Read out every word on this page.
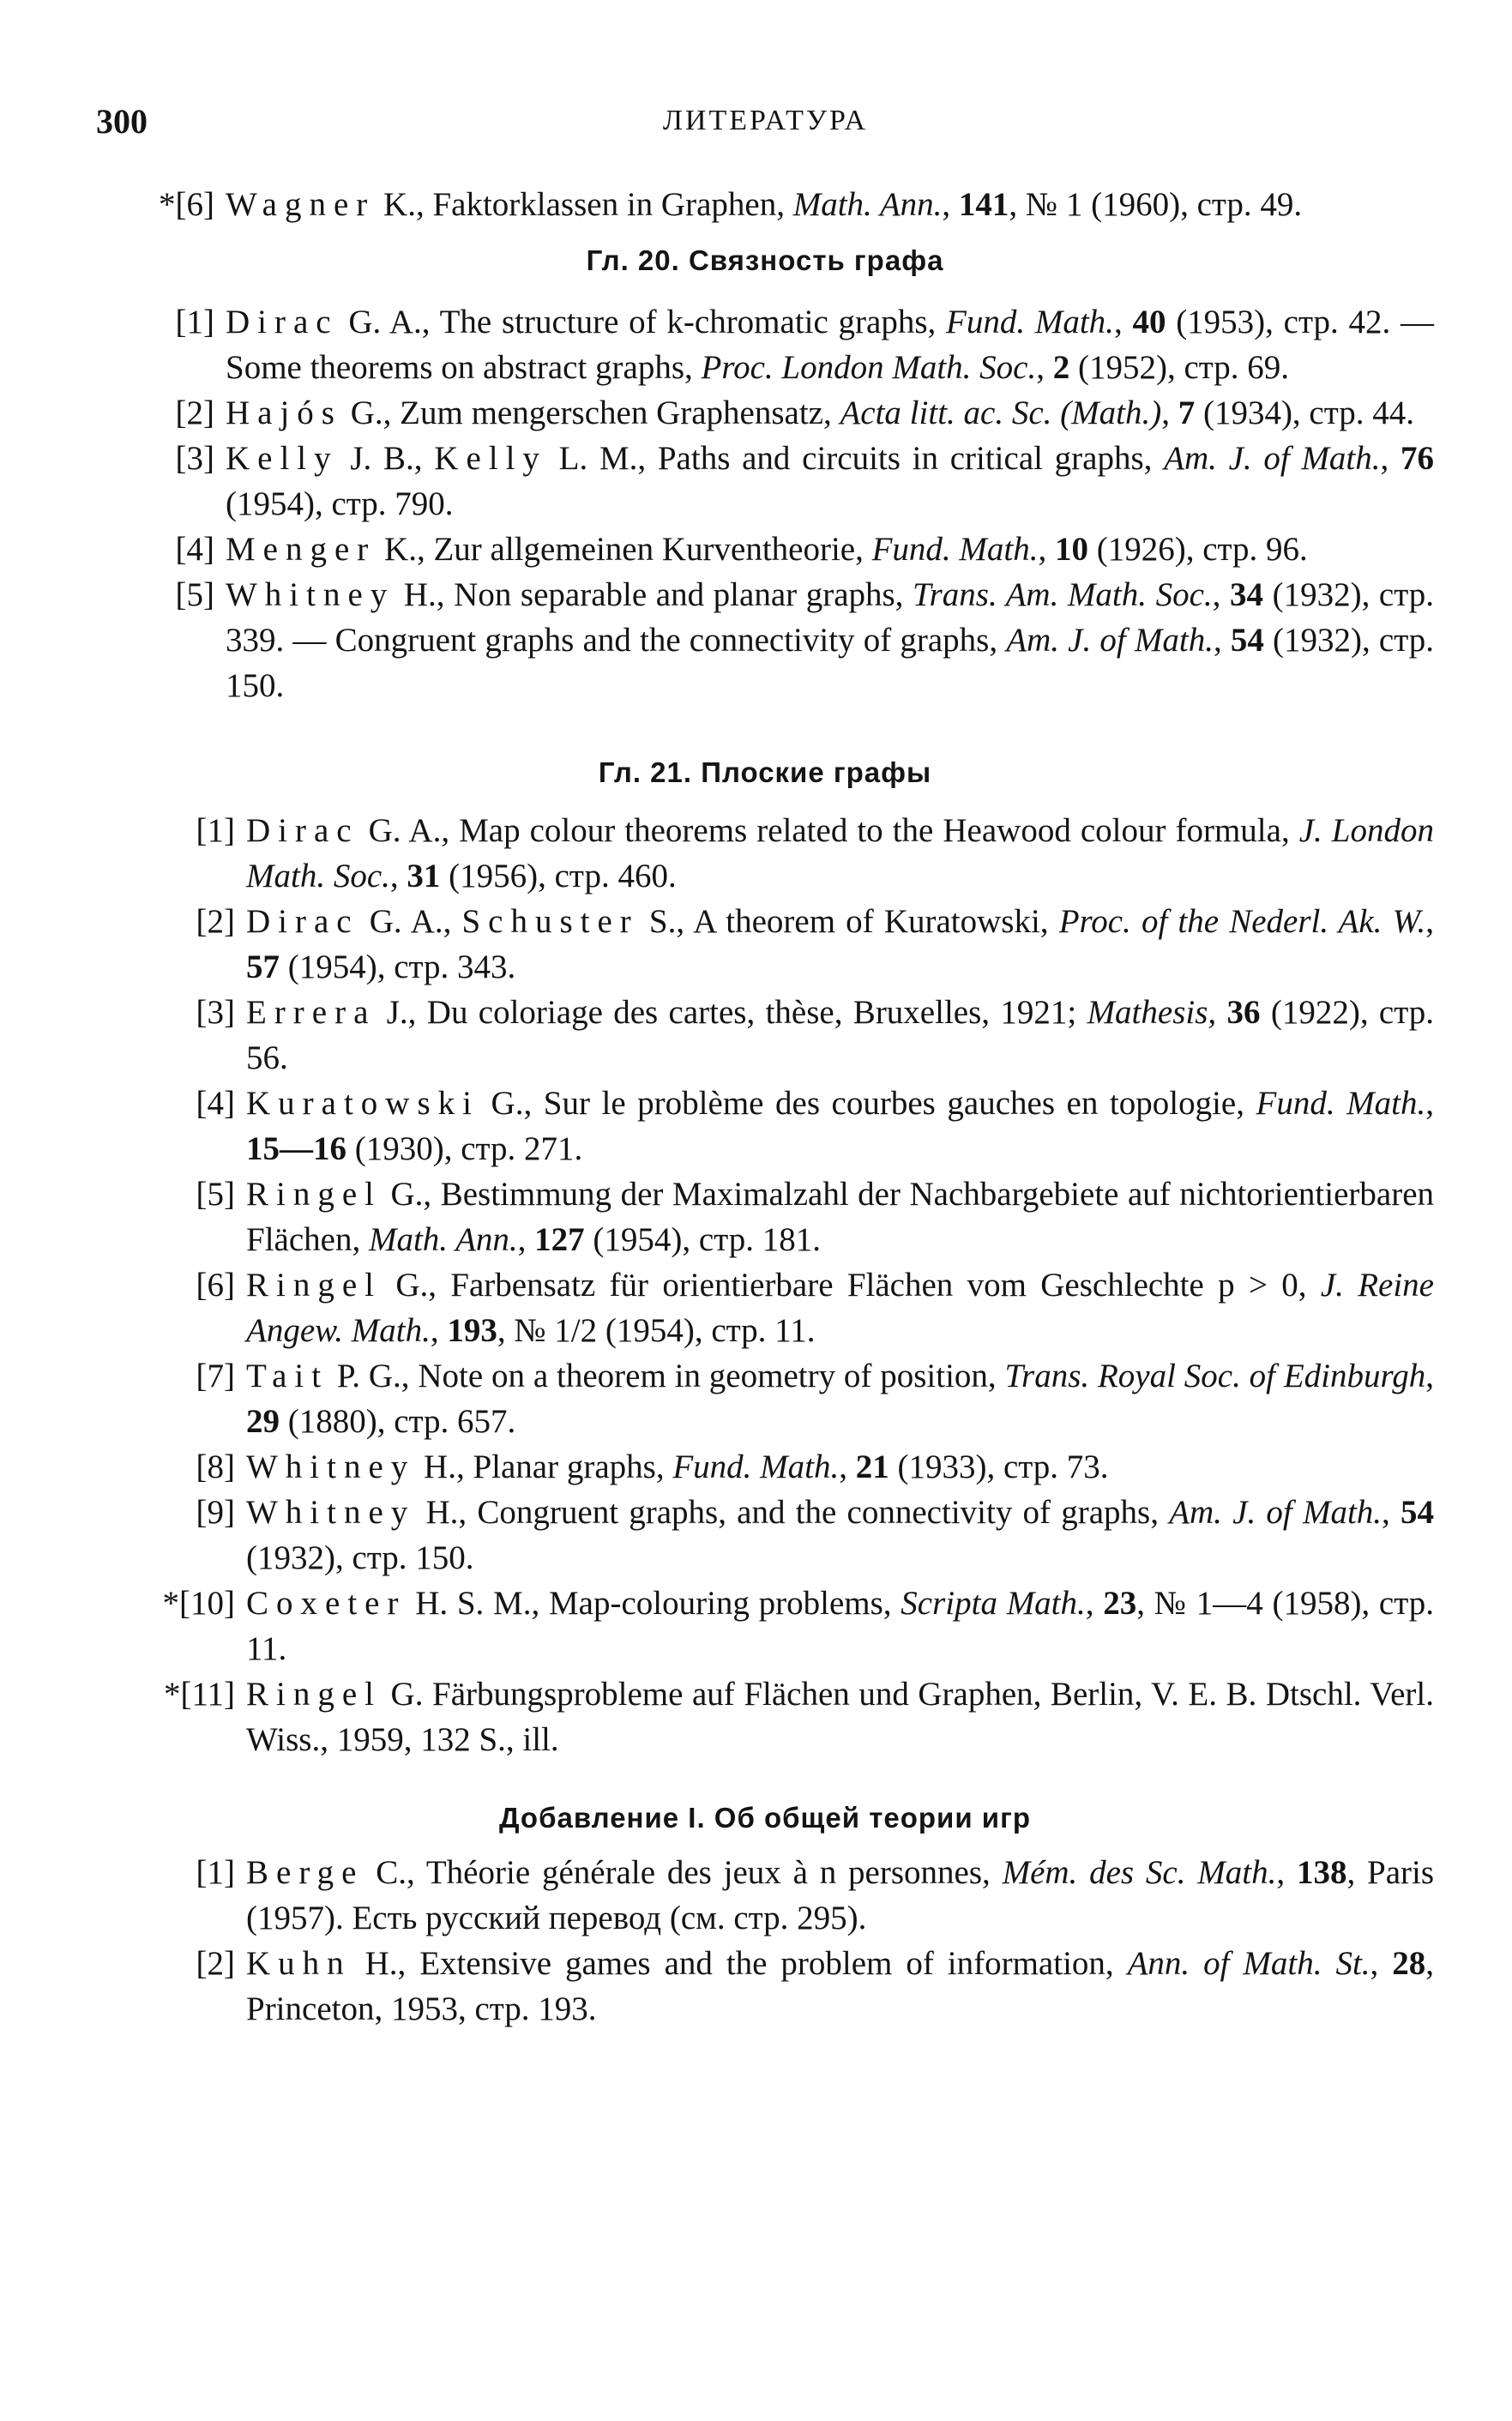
300	ЛИТЕРАТУРА
*[6] Wagner K., Faktorklassen in Graphen, Math. Ann., 141, № 1 (1960), стр. 49.
Гл. 20. Связность графа
[1] Dirac G. A., The structure of k-chromatic graphs, Fund. Math., 40 (1953), стр. 42. — Some theorems on abstract graphs, Proc. London Math. Soc., 2 (1952), стр. 69.
[2] Hajós G., Zum mengerschen Graphensatz, Acta litt. ac. Sc. (Math.), 7 (1934), стр. 44.
[3] Kelly J. B., Kelly L. M., Paths and circuits in critical graphs, Am. J. of Math., 76 (1954), стр. 790.
[4] Menger K., Zur allgemeinen Kurventheorie, Fund. Math., 10 (1926), стр. 96.
[5] Whitney H., Non separable and planar graphs, Trans. Am. Math. Soc., 34 (1932), стр. 339. — Congruent graphs and the connectivity of graphs, Am. J. of Math., 54 (1932), стр. 150.
Гл. 21. Плоские графы
[1] Dirac G. A., Map colour theorems related to the Heawood colour formula, J. London Math. Soc., 31 (1956), стр. 460.
[2] Dirac G. A., Schuster S., A theorem of Kuratowski, Proc. of the Nederl. Ak. W., 57 (1954), стр. 343.
[3] Errera J., Du coloriage des cartes, thèse, Bruxelles, 1921; Mathesis, 36 (1922), стр. 56.
[4] Kuratowski G., Sur le problème des courbes gauches en topologie, Fund. Math., 15—16 (1930), стр. 271.
[5] Ringel G., Bestimmung der Maximalzahl der Nachbargebiete auf nichtorientierbaren Flächen, Math. Ann., 127 (1954), стр. 181.
[6] Ringel G., Farbensatz für orientierbare Flächen vom Geschlechte p > 0, J. Reine Angew. Math., 193, № 1/2 (1954), стр. 11.
[7] Tait P. G., Note on a theorem in geometry of position, Trans. Royal Soc. of Edinburgh, 29 (1880), стр. 657.
[8] Whitney H., Planar graphs, Fund. Math., 21 (1933), стр. 73.
[9] Whitney H., Congruent graphs, and the connectivity of graphs, Am. J. of Math., 54 (1932), стр. 150.
*[10] Coxeter H. S. M., Map-colouring problems, Scripta Math., 23, № 1—4 (1958), стр. 11.
*[11] Ringel G. Färbungsprobleme auf Flächen und Graphen, Berlin, V. E. B. Dtschl. Verl. Wiss., 1959, 132 S., ill.
Добавление I. Об общей теории игр
[1] Berge C., Théorie générale des jeux à n personnes, Mém. des Sc. Math., 138, Paris (1957). Есть русский перевод (см. стр. 295).
[2] Kuhn H., Extensive games and the problem of information, Ann. of Math. St., 28, Princeton, 1953, стр. 193.
